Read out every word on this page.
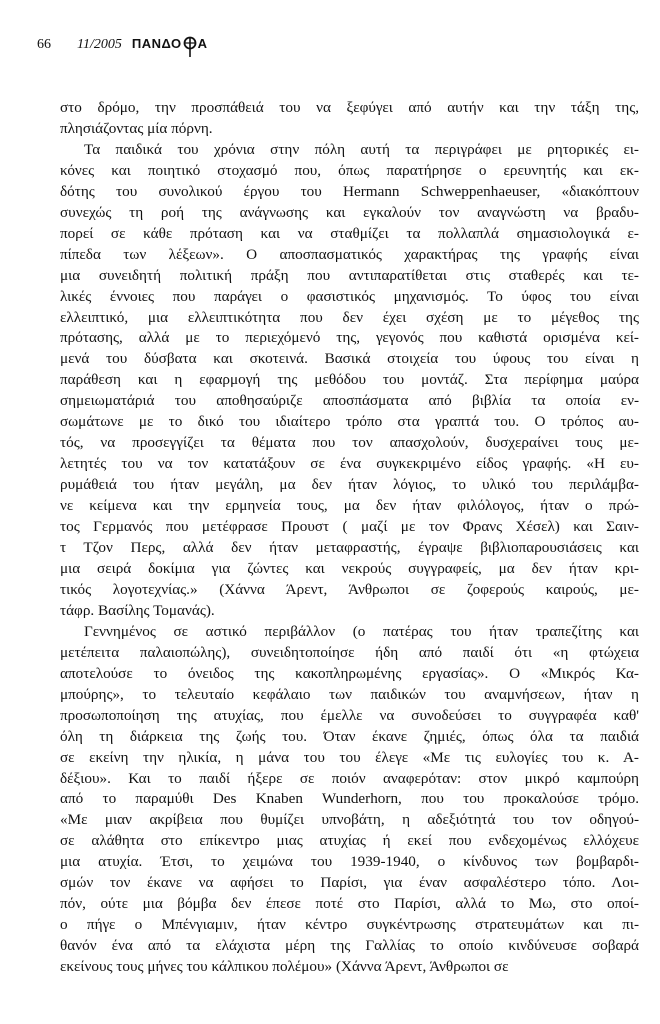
66 11/2005 ΠΑΝΔΟ Α

στο δρόμο, την προσπάθειά του να ξεφύγει από αυτήν και την τάξη της,
πλησιάζοντας μία πόρνη.

Τα παιδικά του χρόνια στην πόλη αυτή τα περιγράφει με ρητορικές ει-
κόνες και ποιητικό στοχασμό που, όπως παρατήρησε ο ερευνητής και εκ-
δότης του συνολικού έργου του Hermann Schweppenhaeuser, «διακόπτουν
συνεχώς τη ροή της ανάγνωσης και εγκαλούν τον αναγνώστη να βραδυ-
πορεί σε κάθε πρόταση και να σταθμίζει τα πολλαπλά σημασιολογικά ε-
πίπεδα των λέξεων». Ο αποσπασματικός χαρακτήρας της γραφής είναι
μια συνειδητή πολιτική πράξη που αντιπαρατίθεται στις σταθερές και τε-
λικές έννοιες που παράγει ο φασιστικός μηχανισμός. Το ύφος του είναι
ελλειπτικό, μια ελλειπτικότητα που δεν έχει σχέση με το μέγεθος της
πρότασης, αλλά με το περιεχόμενό της, γεγονός που καθιστά ορισμένα κεί-
μενά του δύσβατα και σκοτεινά. Βασικά στοιχεία του ύφους του είναι η
παράθεση και η εφαρμογή της μεθόδου του μοντάζ. Στα περίφημα μαύρα
σημειωματάριά του αποθησαύριζε αποσπάσματα από βιβλία τα οποία εν-
σωμάτωνε με το δικό του ιδιαίτερο τρόπο στα γραπτά του. Ο τρόπος αυ-
τός, να προσεγγίζει τα θέματα που τον απασχολούν, δυσχεραίνει τους με-
λετητές του να τον κατατάξουν σε ένα συγκεκριμένο είδος γραφής. «Η ευ-
ρυμάθειά του ήταν μεγάλη, μα δεν ήταν λόγιος, το υλικό του περιλάμβα-
νε κείμενα και την ερμηνεία τους, μα δεν ήταν φιλόλογος, ήταν ο πρώ-
τος Γερμανός που μετέφρασε Προυστ ( μαζί με τον Φρανς Χέσελ) και Σαιν-
τ Τζον Περς, αλλά δεν ήταν μεταφραστής, έγραψε βιβλιοπαρουσιάσεις και
μια σειρά δοκίμια για ζώντες και νεκρούς συγγραφείς, μα δεν ήταν κρι-
τικός λογοτεχνίας.» (Χάννα Άρεντ, Άνθρωποι σε ζοφερούς καιρούς, με-
τάφρ. Βασίλης Τομανάς).

Γεννημένος σε αστικό περιβάλλον (ο πατέρας του ήταν τραπεζίτης και
μετέπειτα παλαιοπώλης), συνειδητοποίησε ήδη από παιδί ότι «η φτώχεια
αποτελούσε το όνειδος της κακοπληρωμένης εργασίας». Ο «Μικρός Κα-
μπούρης», το τελευταίο κεφάλαιο των παιδικών του αναμνήσεων, ήταν η
προσωποποίηση της ατυχίας, που έμελλε να συνοδεύσει το συγγραφέα καθ'
όλη τη διάρκεια της ζωής του. Όταν έκανε ζημιές, όπως όλα τα παιδιά
σε εκείνη την ηλικία, η μάνα του του έλεγε «Με τις ευλογίες του κ. Α-
δέξιου». Και το παιδί ήξερε σε ποιόν αναφερόταν: στον μικρό καμπούρη
από το παραμύθι Des Knaben Wunderhorn, που του προκαλούσε τρόμο.
«Με μιαν ακρίβεια που θυμίζει υπνοβάτη, η αδεξιότητά του τον οδηγού-
σε αλάθητα στο επίκεντρο μιας ατυχίας ή εκεί που ενδεχομένως ελλόχευε
μια ατυχία. Έτσι, το χειμώνα του 1939-1940, ο κίνδυνος των βομβαρδι-
σμών τον έκανε να αφήσει το Παρίσι, για έναν ασφαλέστερο τόπο. Λοι-
πόν, ούτε μια βόμβα δεν έπεσε ποτέ στο Παρίσι, αλλά το Μω, στο οποί-
ο πήγε ο Μπένγιαμιν, ήταν κέντρο συγκέντρωσης στρατευμάτων και πι-
θανόν ένα από τα ελάχιστα μέρη της Γαλλίας το οποίο κινδύνευσε σοβαρά
εκείνους τους μήνες του κάλπικου πολέμου» (Χάννα Άρεντ, Άνθρωποι σε
